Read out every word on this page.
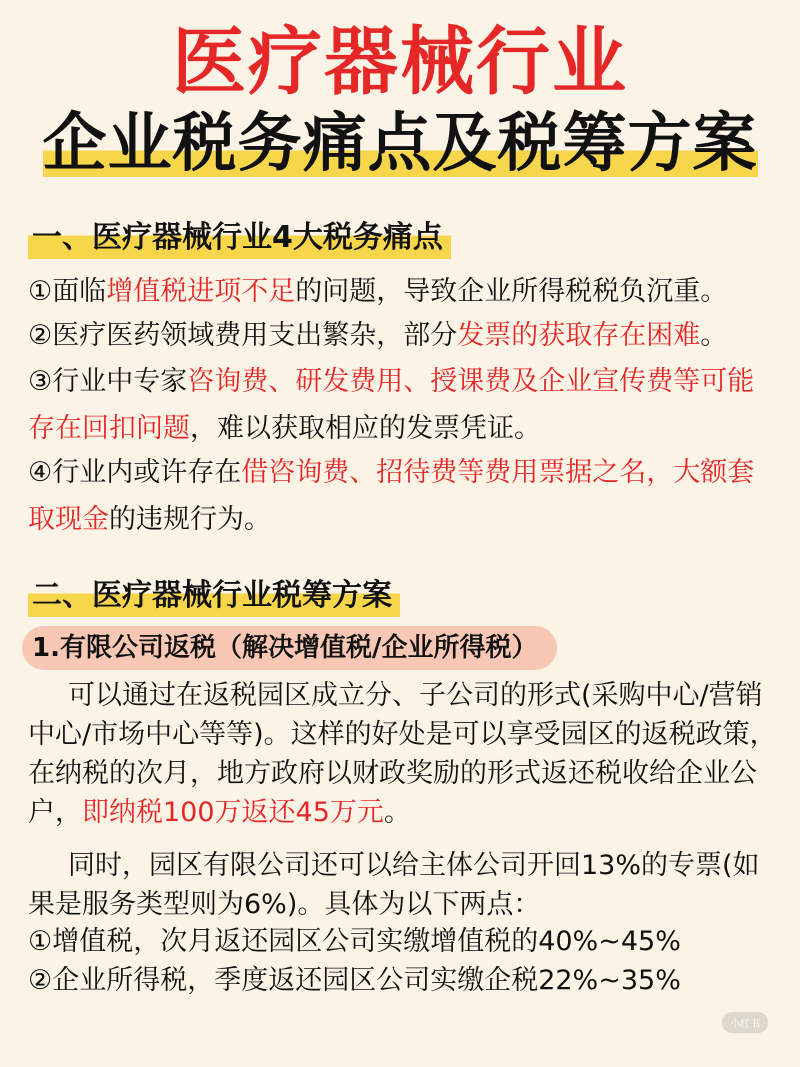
医疗器械行业
企业税务痛点及税筹方案
一、医疗器械行业4大税务痛点
①面临增值税进项不足的问题，导致企业所得税税负沉重。
②医疗医药领域费用支出繁杂，部分发票的获取存在困难。
③行业中专家咨询费、研发费用、授课费及企业宣传费等可能存在回扣问题，难以获取相应的发票凭证。
④行业内或许存在借咨询费、招待费等费用票据之名，大额套取现金的违规行为。
二、医疗器械行业税筹方案
1.有限公司返税（解决增值税/企业所得税）
可以通过在返税园区成立分、子公司的形式(采购中心/营销中心/市场中心等等)。这样的好处是可以享受园区的返税政策，在纳税的次月，地方政府以财政奖励的形式返还税收给企业公户，即纳税100万返还45万元。
同时，园区有限公司还可以给主体公司开回13%的专票(如果是服务类型则为6%)。具体为以下两点：
①增值税，次月返还园区公司实缴增值税的40%~45%
②企业所得税，季度返还园区公司实缴企税22%~35%
小红书
